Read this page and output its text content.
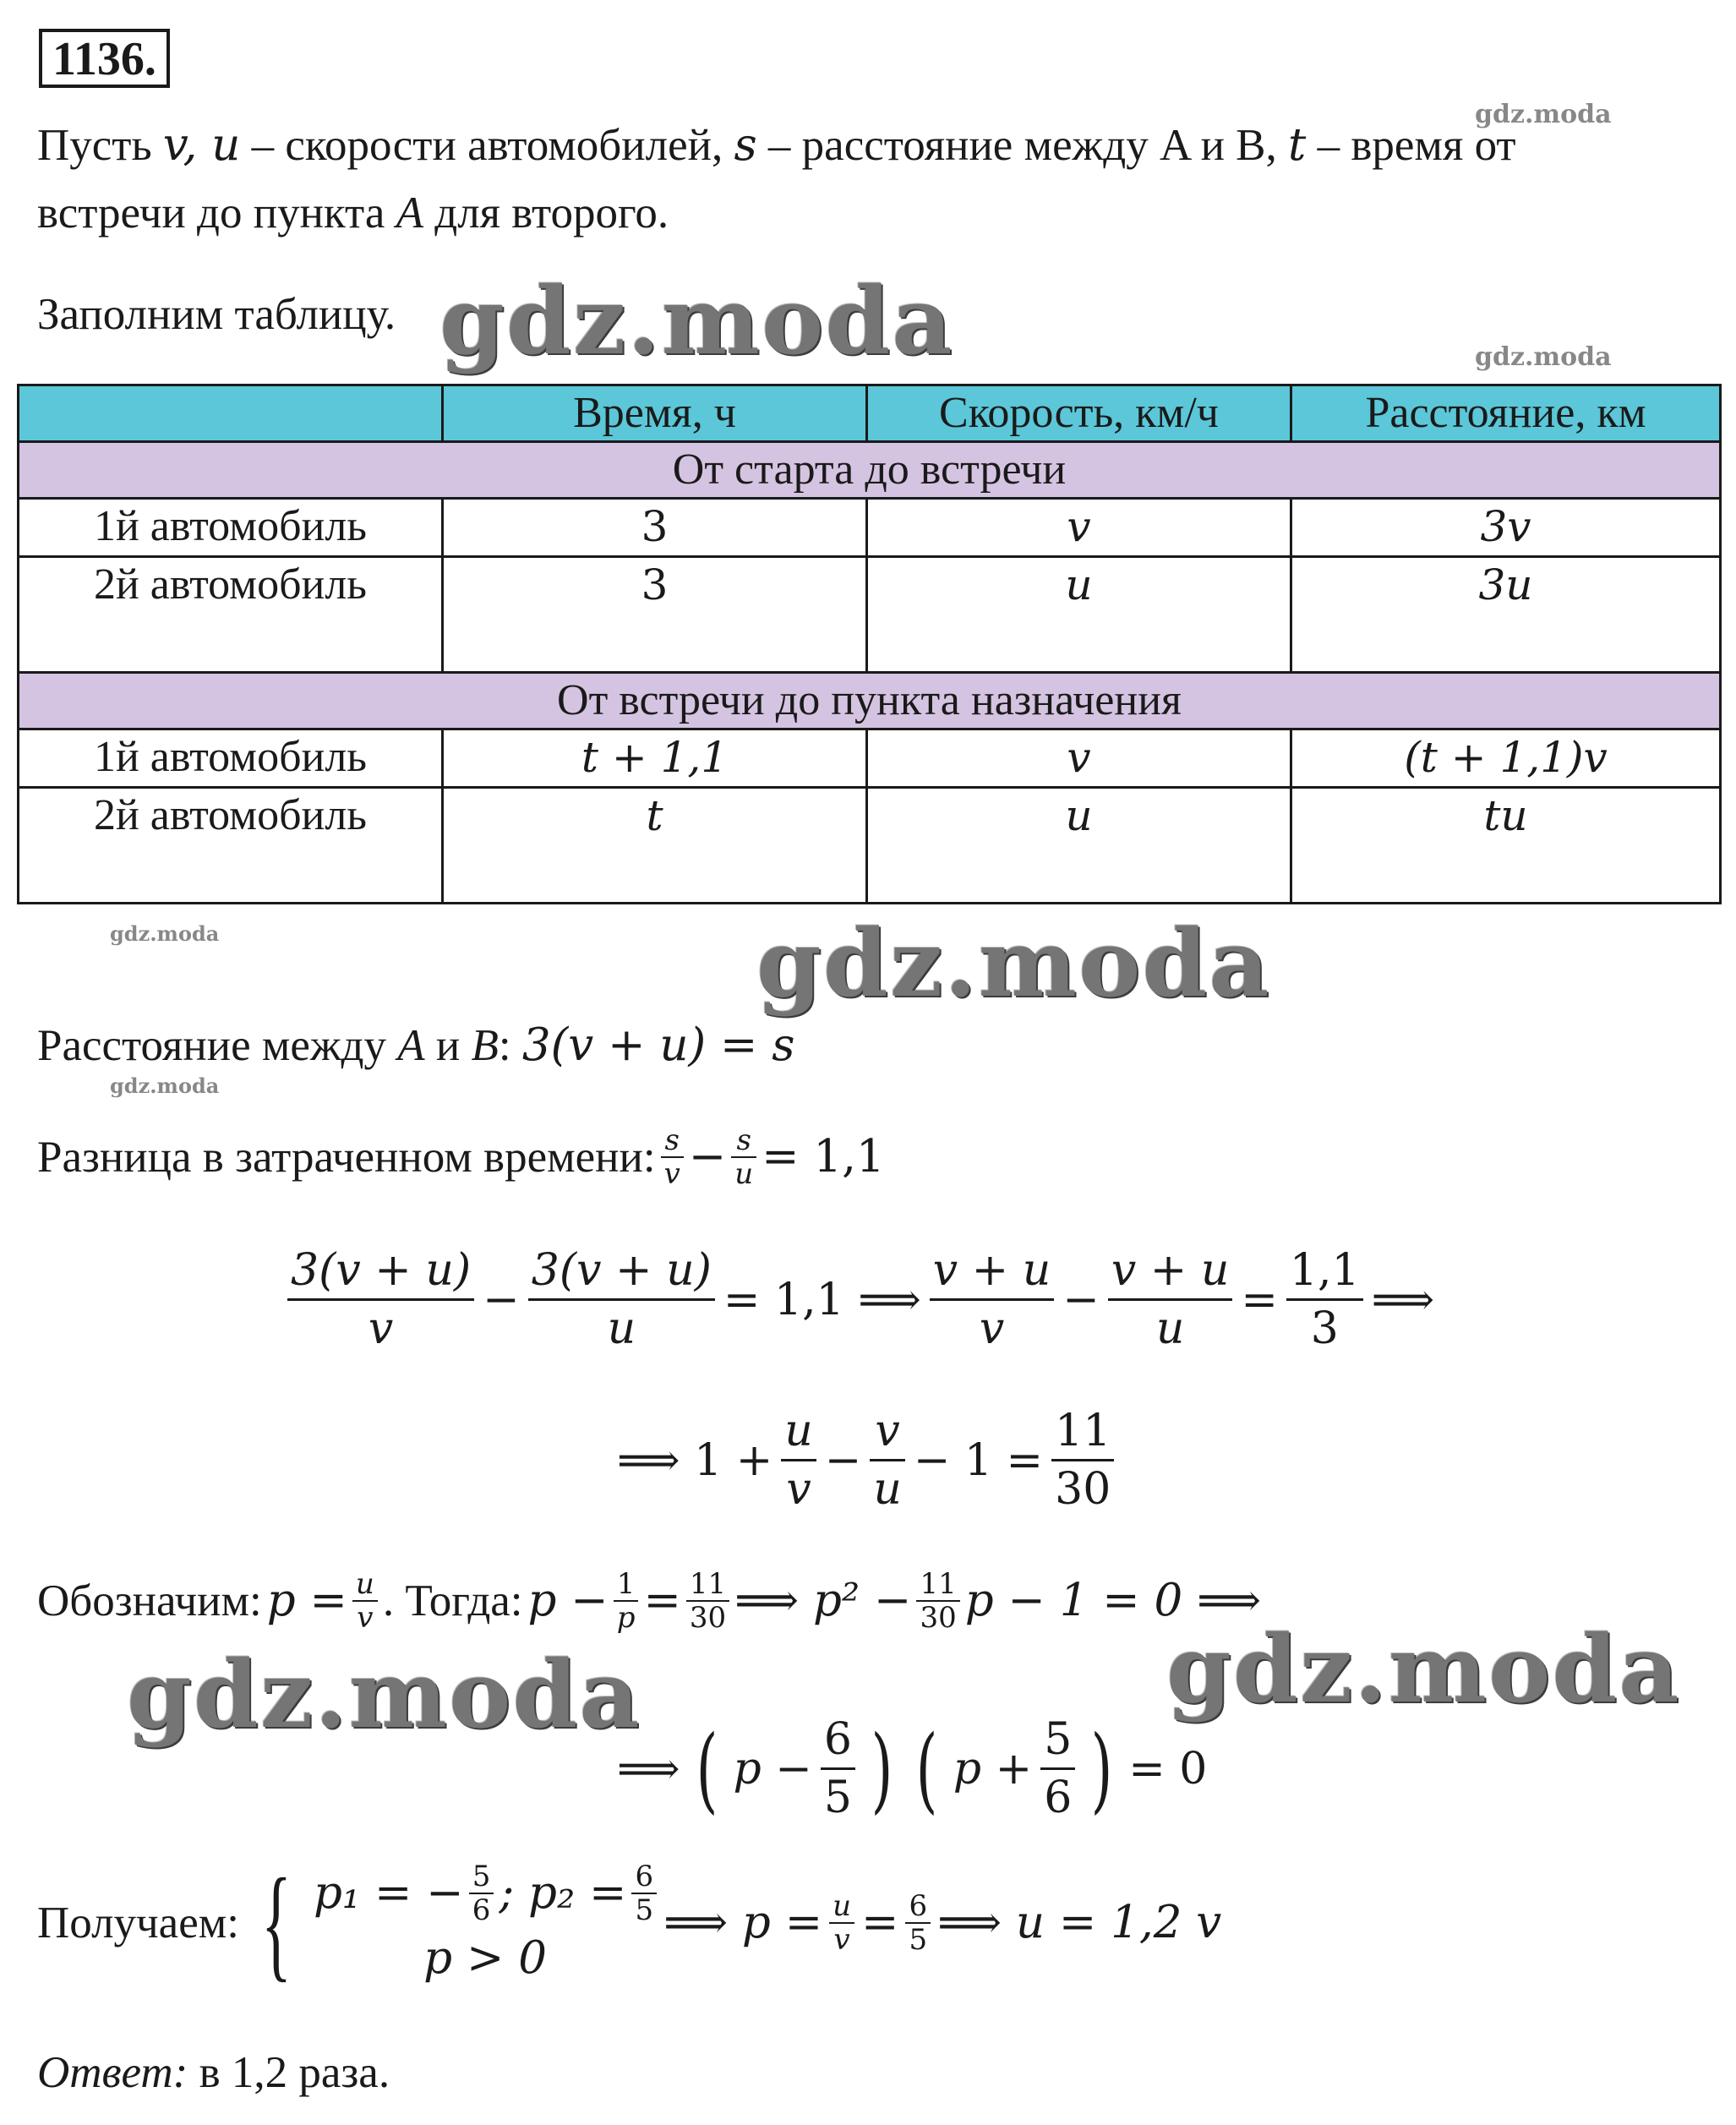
1136.
Пусть v, u – скорости автомобилей, s – расстояние между A и B, t – время от
встречи до пункта A для второго.
Заполним таблицу.
	Время, ч	Скорость, км/ч	Расстояние, км
От старта до встречи			
1й автомобиль	3	v	3v
2й автомобиль	3	u	3u
От встречи до пункта назначения			
1й автомобиль	t + 1,1	v	(t + 1,1)v
2й автомобиль	t	u	tu
Расстояние между A и B: 3(v + u) = s
Разница в затраченном времени: $\frac{s}{v} - \frac{s}{u} = 1,1$
$\frac{3(v + u)}{v} - \frac{3(v + u)}{u} = 1,1$ ⟹ $\frac{v + u}{v} - \frac{v + u}{u} = \frac{1,1}{3}$ ⟹
⟹ $1 + \frac{u}{v} - \frac{v}{u} - 1 = \frac{11}{30}$
Обозначим: $p = \frac{u}{v}$ . Тогда: $p - \frac{1}{p} = \frac{11}{30}$ ⟹ $p^2 - \frac{11}{30}$ p − 1 = 0 ⟹
⟹ ( $p - \frac{6}{5}$ ) ( $p + \frac{5}{6}$ ) = 0
Получаем: { p₁ = − $\frac{5}{6}$ ; $p_2 = \frac{6}{5}$
p > 0
⟹ $p = \frac{u}{v} = \frac{6}{5}$ ⟹ u = 1,2 v
Ответ: в 1,2 раза.
gdz.moda
gdz.moda	gdz.moda
gdz.moda	gdz.moda
gdz.moda
gdz.moda	gdz.moda
